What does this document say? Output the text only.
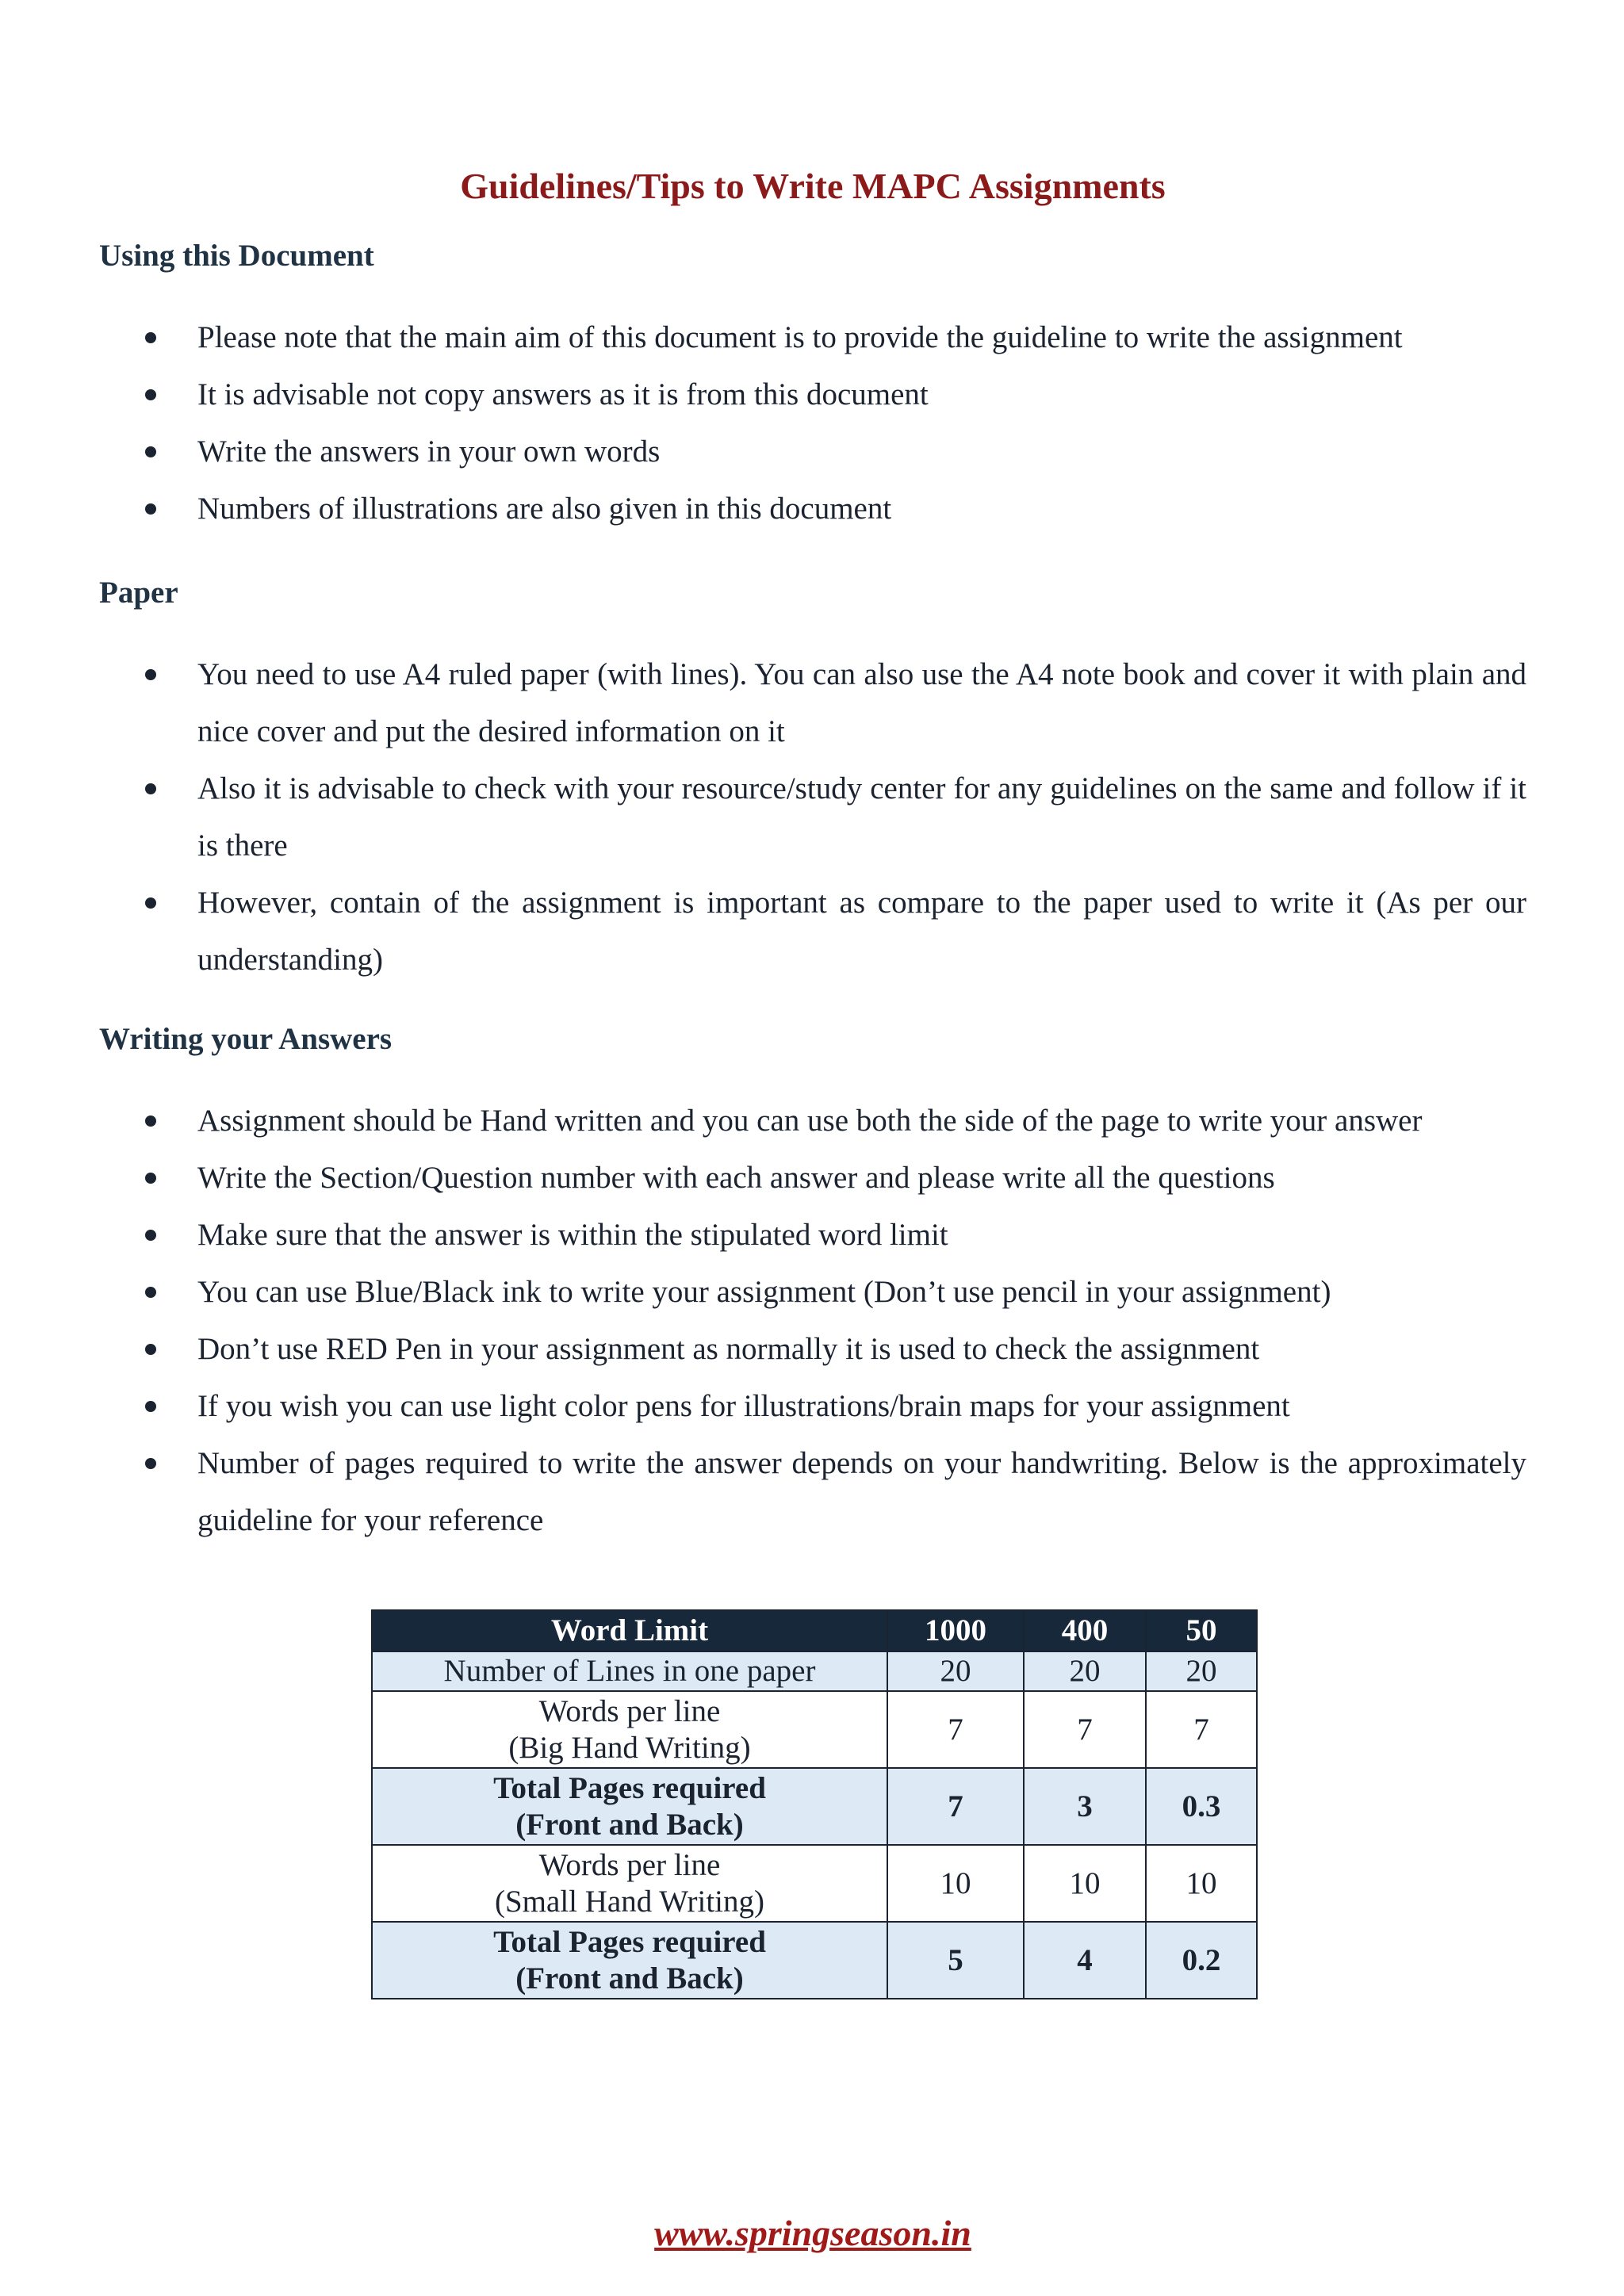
Guidelines/Tips to Write MAPC Assignments
Using this Document
Please note that the main aim of this document is to provide the guideline to write the assignment
It is advisable not copy answers as it is from this document
Write the answers in your own words
Numbers of illustrations are also given in this document
Paper
You need to use A4 ruled paper (with lines). You can also use the A4 note book and cover it with plain and nice cover and put the desired information on it
Also it is advisable to check with your resource/study center for any guidelines on the same and follow if it is there
However, contain of the assignment is important as compare to the paper used to write it (As per our understanding)
Writing your Answers
Assignment should be Hand written and you can use both the side of the page to write your answer
Write the Section/Question number with each answer and please write all the questions
Make sure that the answer is within the stipulated word limit
You can use Blue/Black ink to write your assignment (Don’t use pencil in your assignment)
Don’t use RED Pen in your assignment as normally it is used to check the assignment
If you wish you can use light color pens for illustrations/brain maps for your assignment
Number of pages required to write the answer depends on your handwriting. Below is the approximately guideline for your reference
Word Limit	1000	400	50
Number of Lines in one paper	20	20	20
Words per line
(Big Hand Writing)	7	7	7
Total Pages required
(Front and Back)	7	3	0.3
Words per line
(Small Hand Writing)	10	10	10
Total Pages required
(Front and Back)	5	4	0.2
www.springseason.in
